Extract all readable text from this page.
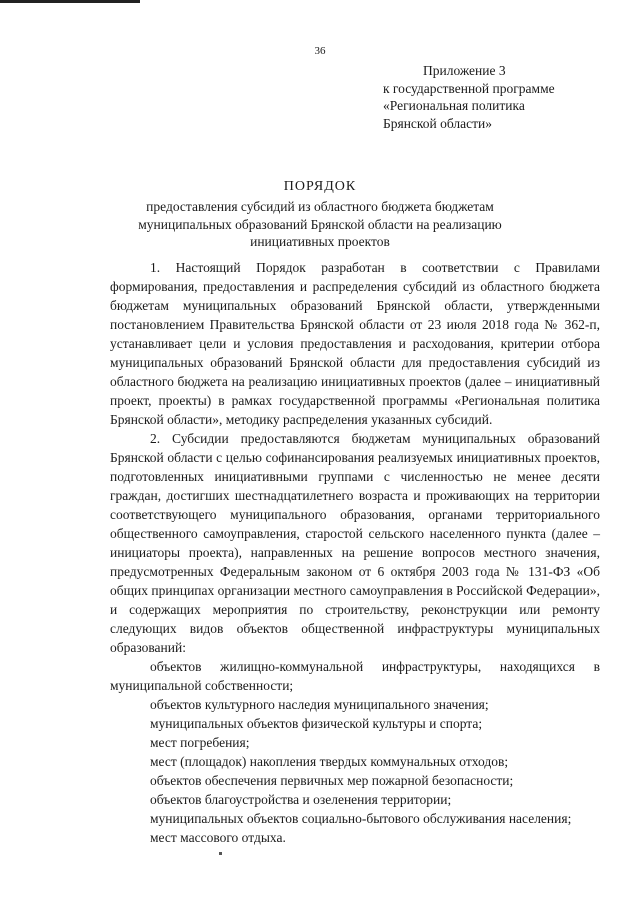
36
Приложение 3
к государственной программе
«Региональная политика
Брянской области»
ПОРЯДОК
предоставления субсидий из областного бюджета бюджетам
муниципальных образований Брянской области на реализацию
инициативных проектов

1. Настоящий Порядок разработан в соответствии с Правилами формирования, предоставления и распределения субсидий из областного бюджета бюджетам муниципальных образований Брянской области, утвержденными постановлением Правительства Брянской области от 23 июля 2018 года № 362-п, устанавливает цели и условия предоставления и расходования, критерии отбора муниципальных образований Брянской области для предоставления субсидий из областного бюджета на реализацию инициативных проектов (далее – инициативный проект, проекты) в рамках государственной программы «Региональная политика Брянской области», методику распределения указанных субсидий.

2. Субсидии предоставляются бюджетам муниципальных образований Брянской области с целью софинансирования реализуемых инициативных проектов, подготовленных инициативными группами с численностью не менее десяти граждан, достигших шестнадцатилетнего возраста и проживающих на территории соответствующего муниципального образования, органами территориального общественного самоуправления, старостой сельского населенного пункта (далее – инициаторы проекта), направленных на решение вопросов местного значения, предусмотренных Федеральным законом от 6 октября 2003 года № 131-ФЗ «Об общих принципах организации местного самоуправления в Российской Федерации», и содержащих мероприятия по строительству, реконструкции или ремонту следующих видов объектов общественной инфраструктуры муниципальных образований:

объектов жилищно-коммунальной инфраструктуры, находящихся в муниципальной собственности;

объектов культурного наследия муниципального значения;

муниципальных объектов физической культуры и спорта;

мест погребения;

мест (площадок) накопления твердых коммунальных отходов;

объектов обеспечения первичных мер пожарной безопасности;

объектов благоустройства и озеленения территории;

муниципальных объектов социально-бытового обслуживания населения;

мест массового отдыха.
